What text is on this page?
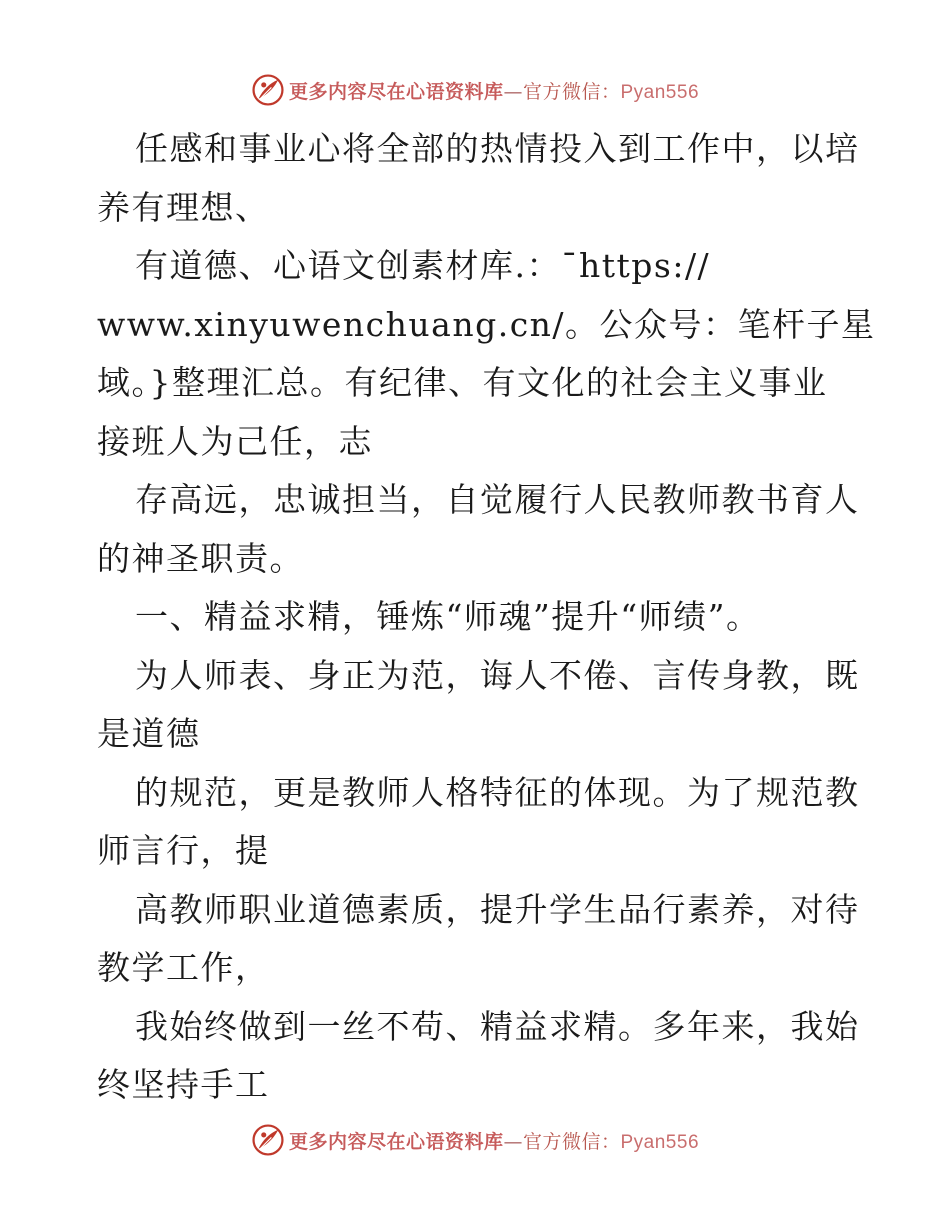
更多内容尽在心语资料库—官方微信：Pyan556
任感和事业心将全部的热情投入到工作中，以培
养有理想、
有道德、心语文创素材库.：¯https://
www.xinyuwenchuang.cn/。公众号：笔杆子星
域。}整理汇总。有纪律、有文化的社会主义事业
接班人为己任，志
存高远，忠诚担当，自觉履行人民教师教书育人
的神圣职责。
一、精益求精，锤炼“师魂”提升“师绩”。
为人师表、身正为范，诲人不倦、言传身教，既
是道德
的规范，更是教师人格特征的体现。为了规范教
师言行，提
高教师职业道德素质，提升学生品行素养，对待
教学工作，
我始终做到一丝不苟、精益求精。多年来，我始
终坚持手工
更多内容尽在心语资料库—官方微信：Pyan556
